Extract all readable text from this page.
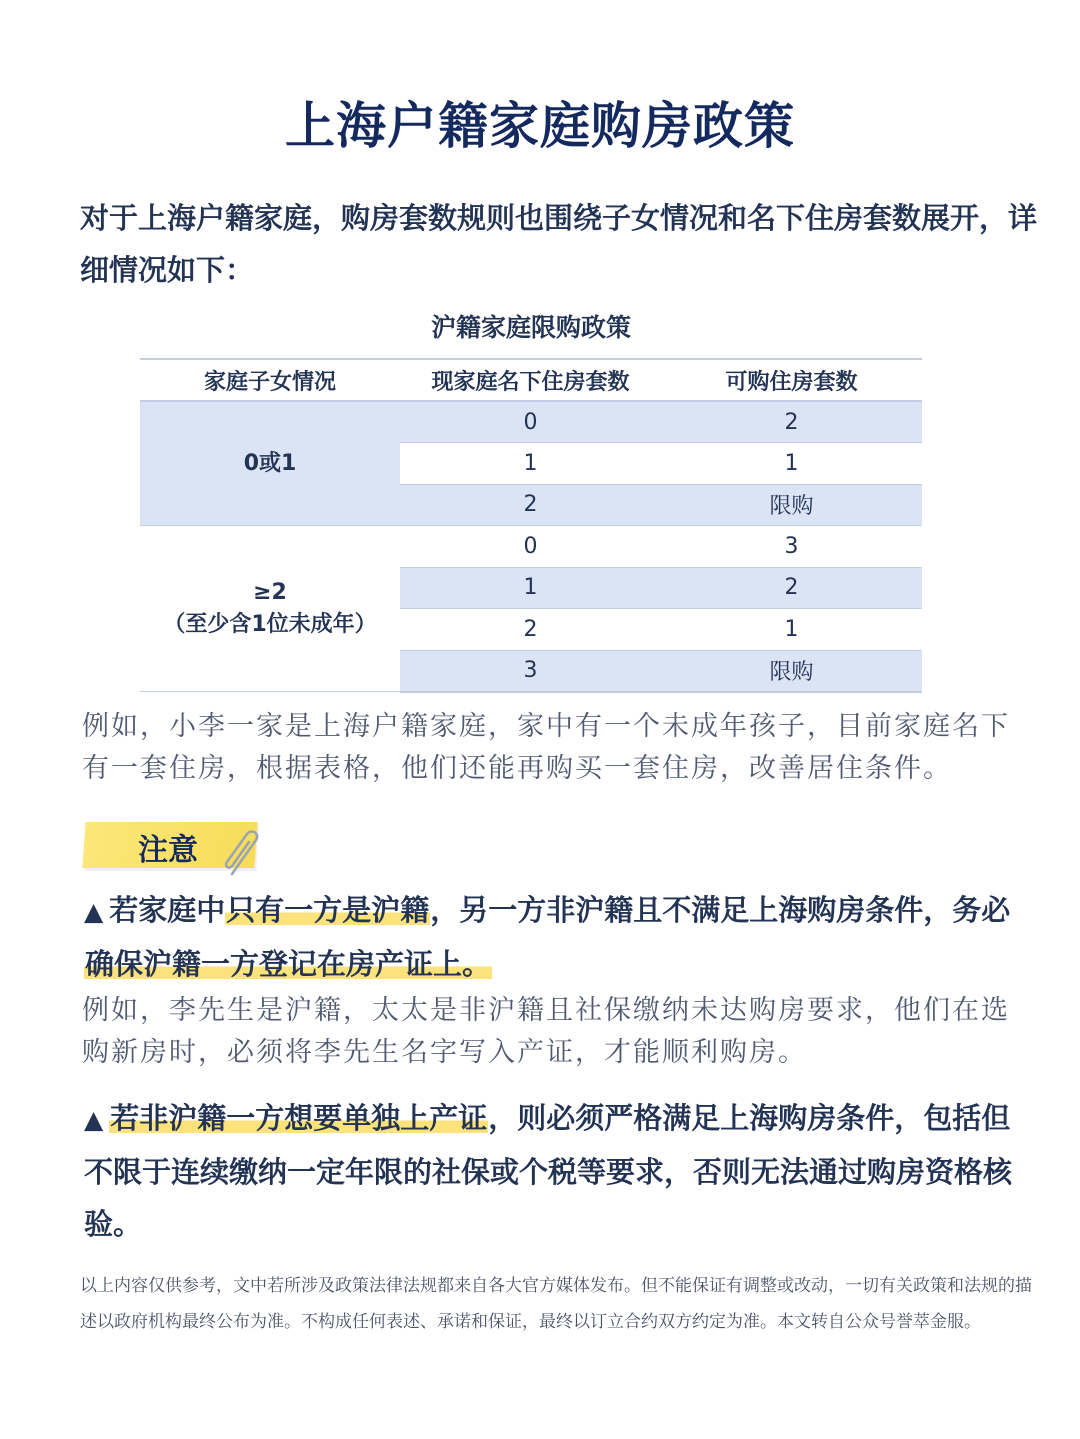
上海户籍家庭购房政策

对于上海户籍家庭，购房套数规则也围绕子女情况和名下住房套数展开，详细情况如下：

沪籍家庭限购政策
家庭子女情况	现家庭名下住房套数	可购住房套数
0或1	0	2
	1	1
	2	限购

≥2
（至少含1位未成年）	0	3
	1	2
	2	1
	3	限购

例如，小李一家是上海户籍家庭，家中有一个未成年孩子，目前家庭名下有一套住房，根据表格，他们还能再购买一套住房，改善居住条件。

注意

▲ 若家庭中只有一方是沪籍，另一方非沪籍且不满足上海购房条件，务必确保沪籍一方登记在房产证上。

例如，李先生是沪籍，太太是非沪籍且社保缴纳未达购房要求，他们在选购新房时，必须将李先生名字写入产证，才能顺利购房。

▲ 若非沪籍一方想要单独上产证，则必须严格满足上海购房条件，包括但不限于连续缴纳一定年限的社保或个税等要求，否则无法通过购房资格核验。

以上内容仅供参考，文中若所涉及政策法律法规都来自各大官方媒体发布。但不能保证有调整或改动，一切有关政策和法规的描述以政府机构最终公布为准。不构成任何表述、承诺和保证，最终以订立合约双方约定为准。本文转自公众号誉萃金服。
